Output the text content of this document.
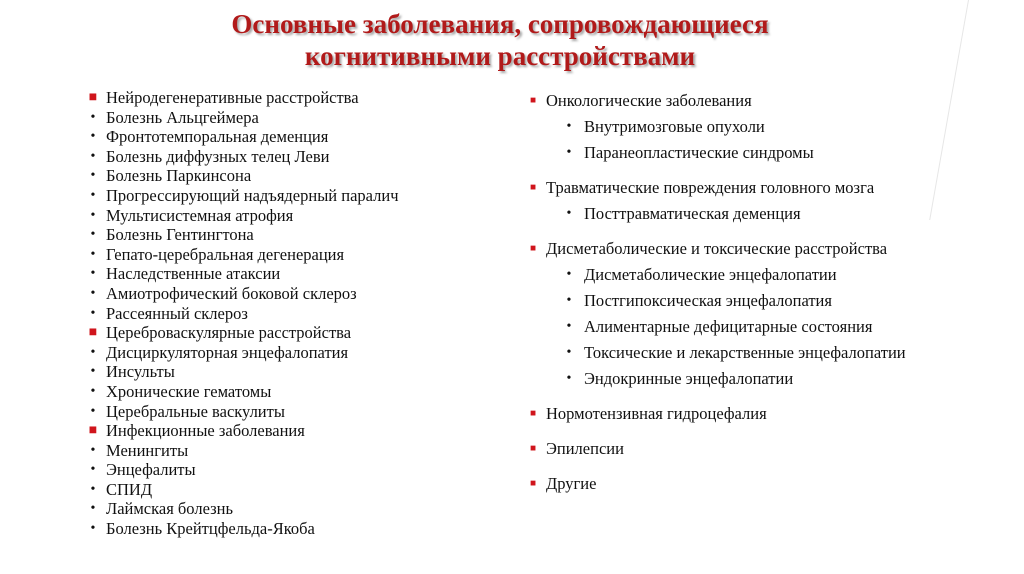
Основные заболевания, сопровождающиеся
когнитивными расстройствами
■ Нейродегенеративные расстройства
• Болезнь Альцгеймера
• Фронтотемпоральная деменция
• Болезнь диффузных телец Леви
• Болезнь Паркинсона
• Прогрессирующий надъядерный паралич
• Мультисистемная атрофия
• Болезнь Гентингтона
• Гепато-церебральная дегенерация
• Наследственные атаксии
• Амиотрофический боковой склероз
• Рассеянный склероз
■ Цереброваскулярные расстройства
• Дисциркуляторная энцефалопатия
• Инсульты
• Хронические гематомы
• Церебральные васкулиты
■ Инфекционные заболевания
• Менингиты
• Энцефалиты
• СПИД
• Лаймская болезнь
• Болезнь Крейтцфельда-Якоба
■ Онкологические заболевания
• Внутримозговые опухоли
• Паранеопластические синдромы
■ Травматические повреждения головного мозга
• Посттравматическая деменция
■ Дисметаболические и токсические расстройства
• Дисметаболические энцефалопатии
• Постгипоксическая энцефалопатия
• Алиментарные дефицитарные состояния
• Токсические и лекарственные энцефалопатии
• Эндокринные энцефалопатии
■ Нормотензивная гидроцефалия
■ Эпилепсии
■ Другие
